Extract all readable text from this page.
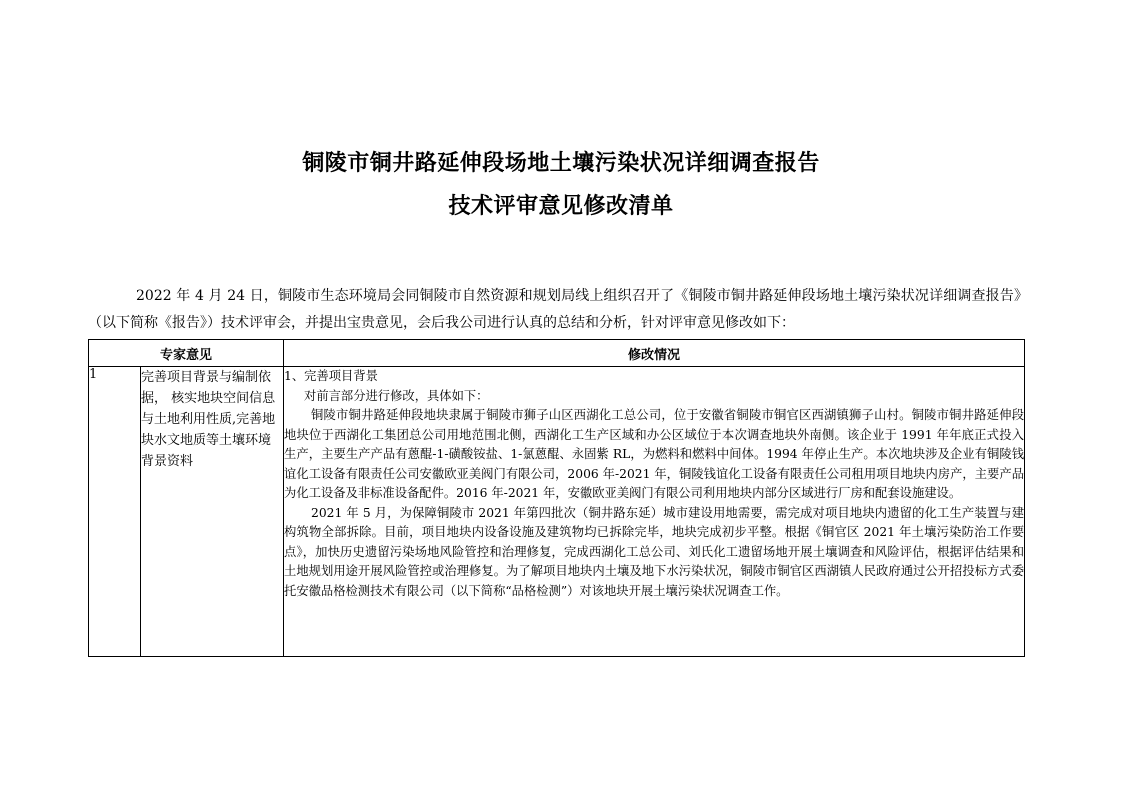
铜陵市铜井路延伸段场地土壤污染状况详细调查报告
技术评审意见修改清单

2022 年 4 月 24 日，铜陵市生态环境局会同铜陵市自然资源和规划局线上组织召开了《铜陵市铜井路延伸段场地土壤污染状况详细调查报告》（以下简称《报告》）技术评审会，并提出宝贵意见，会后我公司进行认真的总结和分析，针对评审意见修改如下：

专家意见		修改情况
1	完善项目背景与编制依据， 核实地块空间信息与土地利用性质,完善地块水文地质等土壤环境背景资料	1、完善项目背景
对前言部分进行修改，具体如下：
铜陵市铜井路延伸段地块隶属于铜陵市狮子山区西湖化工总公司，位于安徽省铜陵市铜官区西湖镇狮子山村。铜陵市铜井路延伸段地块位于西湖化工集团总公司用地范围北侧，西湖化工生产区域和办公区域位于本次调查地块外南侧。该企业于 1991 年年底正式投入生产，主要生产产品有蒽醌-1-磺酸铵盐、1-氯蒽醌、永固紫 RL，为燃料和燃料中间体。1994 年停止生产。本次地块涉及企业有铜陵钱谊化工设备有限责任公司安徽欧亚美阀门有限公司，2006 年-2021 年，铜陵钱谊化工设备有限责任公司租用项目地块内房产，主要产品为化工设备及非标准设备配件。2016 年-2021 年，安徽欧亚美阀门有限公司利用地块内部分区域进行厂房和配套设施建设。
2021 年 5 月，为保障铜陵市 2021 年第四批次（铜井路东延）城市建设用地需要，需完成对项目地块内遗留的化工生产装置与建构筑物全部拆除。目前，项目地块内设备设施及建筑物均已拆除完毕，地块完成初步平整。根据《铜官区 2021 年土壤污染防治工作要点》，加快历史遗留污染场地风险管控和治理修复，完成西湖化工总公司、刘氏化工遗留场地开展土壤调查和风险评估，根据评估结果和土地规划用途开展风险管控或治理修复。为了解项目地块内土壤及地下水污染状况，铜陵市铜官区西湖镇人民政府通过公开招投标方式委托安徽品格检测技术有限公司（以下简称“品格检测”）对该地块开展土壤污染状况调查工作。
